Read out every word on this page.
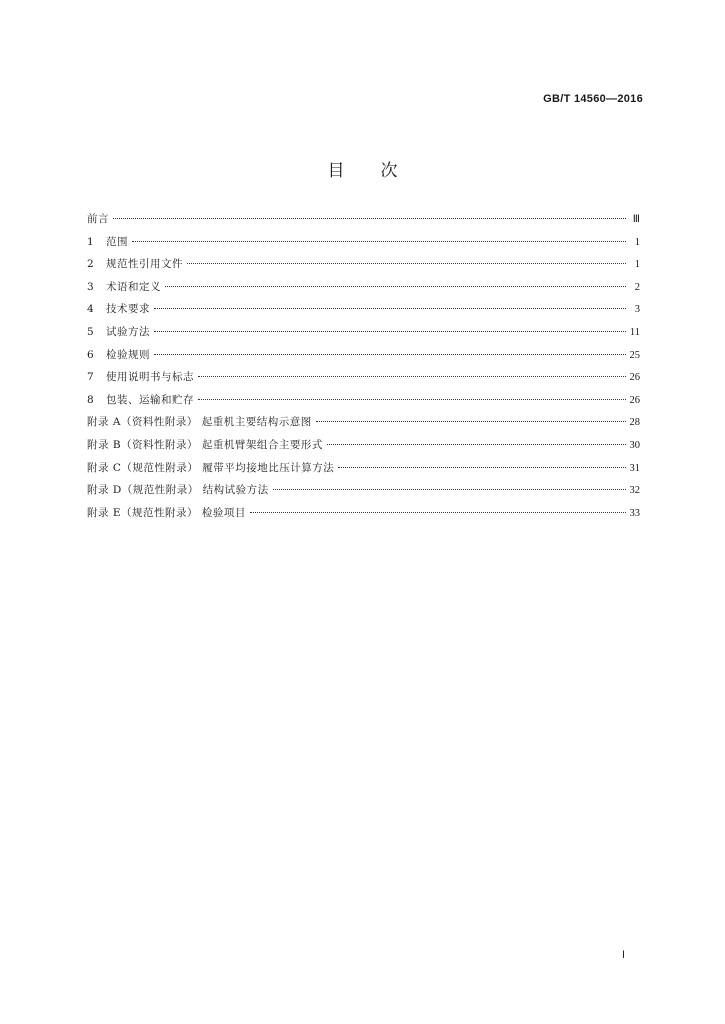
GB/T 14560—2016
目次
前言	Ⅲ
1	范围	1
2	规范性引用文件	1
3	术语和定义	2
4	技术要求	3
5	试验方法	11
6	检验规则	25
7	使用说明书与标志	26
8	包装、运输和贮存	26
附录 A（资料性附录） 起重机主要结构示意图	28
附录 B（资料性附录） 起重机臂架组合主要形式	30
附录 C（规范性附录） 履带平均接地比压计算方法	31
附录 D（规范性附录） 结构试验方法	32
附录 E（规范性附录） 检验项目	33
Ⅰ
